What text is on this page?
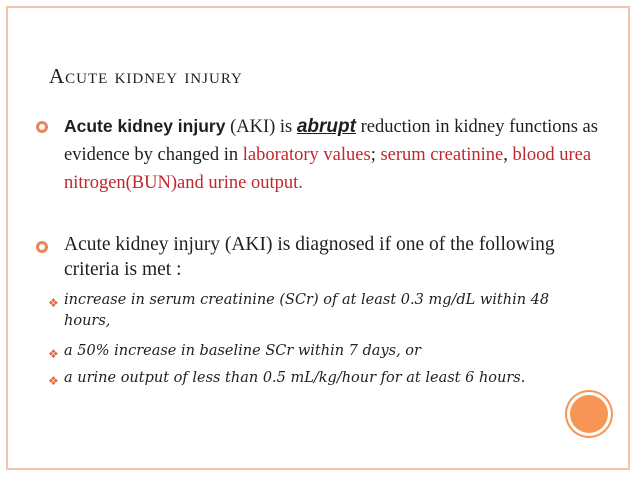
Acute kidney injury
Acute kidney injury (AKI) is abrupt reduction in kidney functions as evidence by changed in laboratory values; serum creatinine, blood urea nitrogen(BUN)and urine output.
Acute kidney injury (AKI) is diagnosed if one of the following criteria is met :
❖ increase in serum creatinine (SCr) of at least 0.3 mg/dL within 48 hours,
❖ a 50% increase in baseline SCr within 7 days, or
❖ a urine output of less than 0.5 mL/kg/hour for at least 6 hours.
